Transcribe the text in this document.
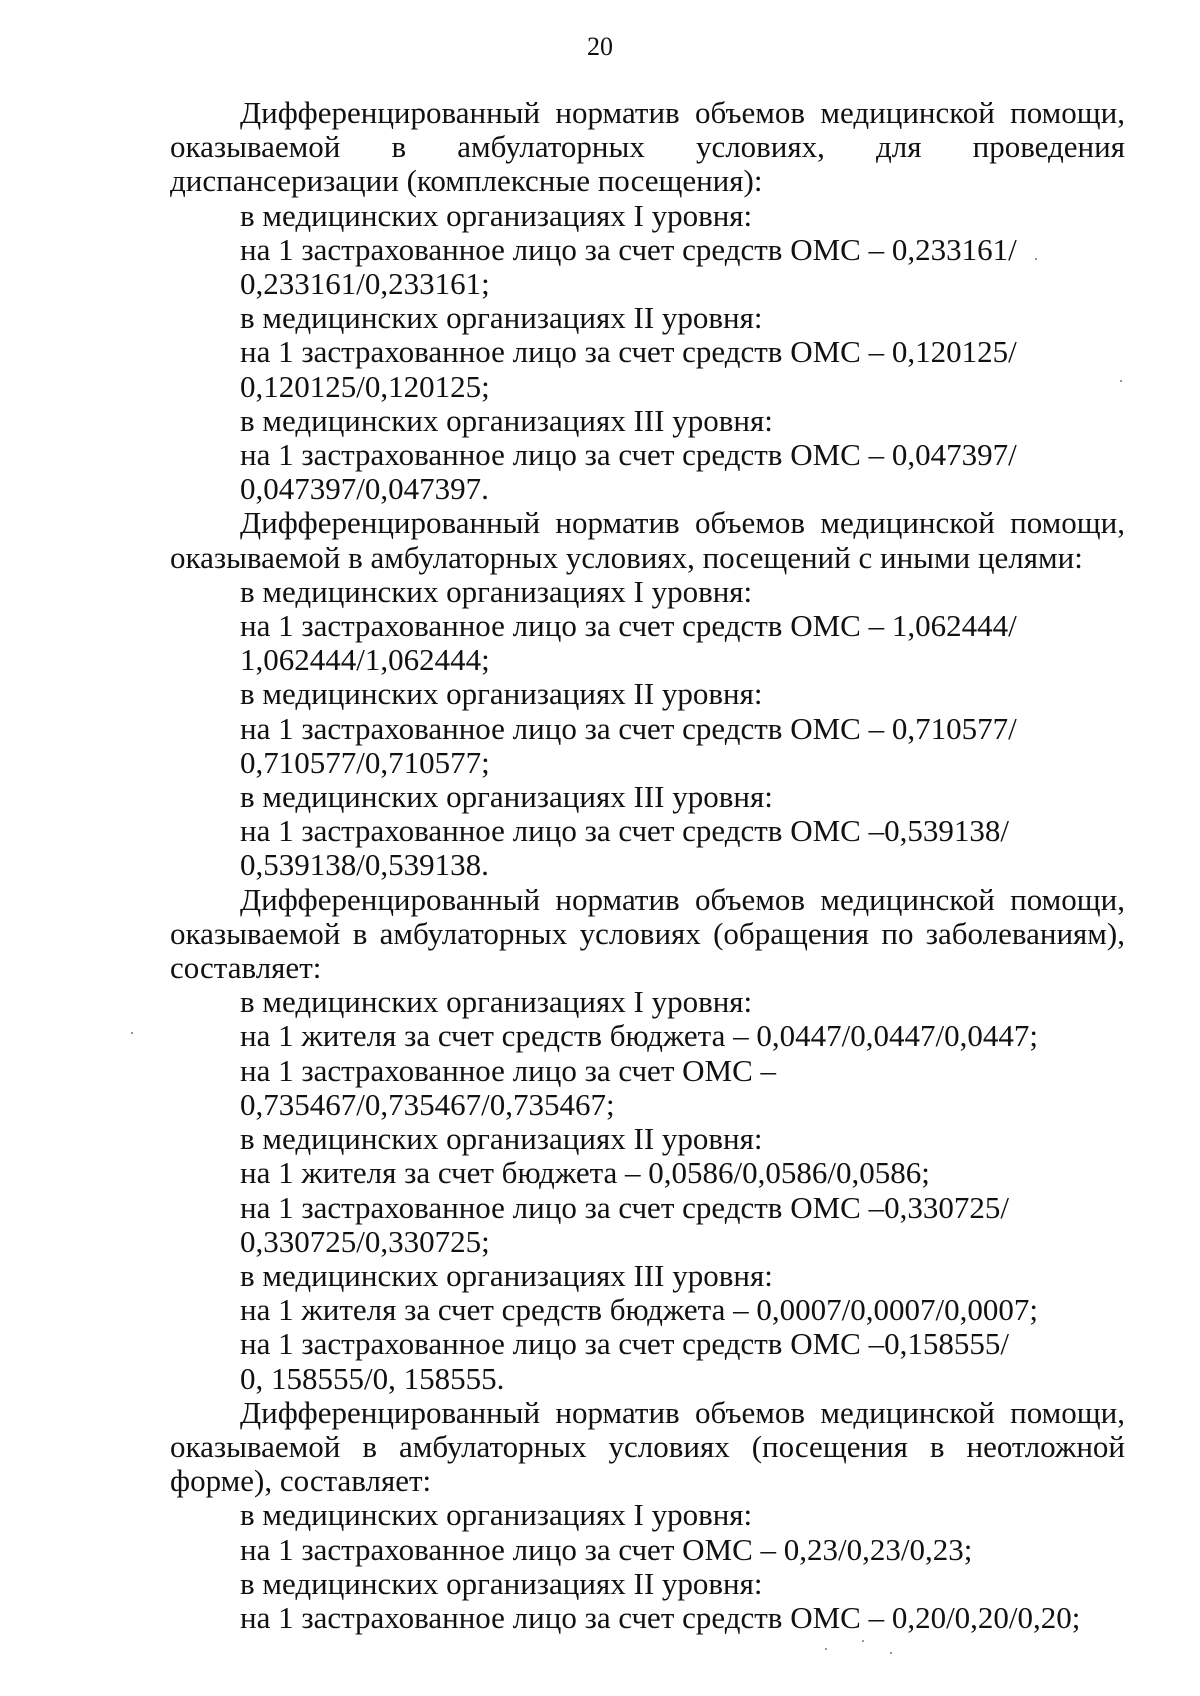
20

Дифференцированный норматив объемов медицинской помощи, оказываемой в амбулаторных условиях, для проведения диспансеризации (комплексные посещения):

в медицинских организациях I уровня:

на 1 застрахованное лицо за счет средств ОМС – 0,233161/

0,233161/0,233161;

в медицинских организациях II уровня:

на 1 застрахованное лицо за счет средств ОМС – 0,120125/

0,120125/0,120125;

в медицинских организациях III уровня:

на 1 застрахованное лицо за счет средств ОМС – 0,047397/

0,047397/0,047397.

Дифференцированный норматив объемов медицинской помощи, оказываемой в амбулаторных условиях, посещений с иными целями:

в медицинских организациях I уровня:

на 1 застрахованное лицо за счет средств ОМС – 1,062444/

1,062444/1,062444;

в медицинских организациях II уровня:

на 1 застрахованное лицо за счет средств ОМС – 0,710577/

0,710577/0,710577;

в медицинских организациях III уровня:

на 1 застрахованное лицо за счет средств ОМС –0,539138/

0,539138/0,539138.

Дифференцированный норматив объемов медицинской помощи, оказываемой в амбулаторных условиях (обращения по заболеваниям), составляет:

в медицинских организациях I уровня:

на 1 жителя за счет средств бюджета – 0,0447/0,0447/0,0447;

на 1 застрахованное лицо за счет ОМС –0,735467/0,735467/0,735467;

в медицинских организациях II уровня:

на 1 жителя за счет бюджета – 0,0586/0,0586/0,0586;

на 1 застрахованное лицо за счет средств ОМС –0,330725/

0,330725/0,330725;

в медицинских организациях III уровня:

на 1 жителя за счет средств бюджета – 0,0007/0,0007/0,0007;

на 1 застрахованное лицо за счет средств ОМС –0,158555/

0, 158555/0, 158555.

Дифференцированный норматив объемов медицинской помощи, оказываемой в амбулаторных условиях (посещения в неотложной форме), составляет:

в медицинских организациях I уровня:

на 1 застрахованное лицо за счет ОМС – 0,23/0,23/0,23;

в медицинских организациях II уровня:

на 1 застрахованное лицо за счет средств ОМС – 0,20/0,20/0,20;
